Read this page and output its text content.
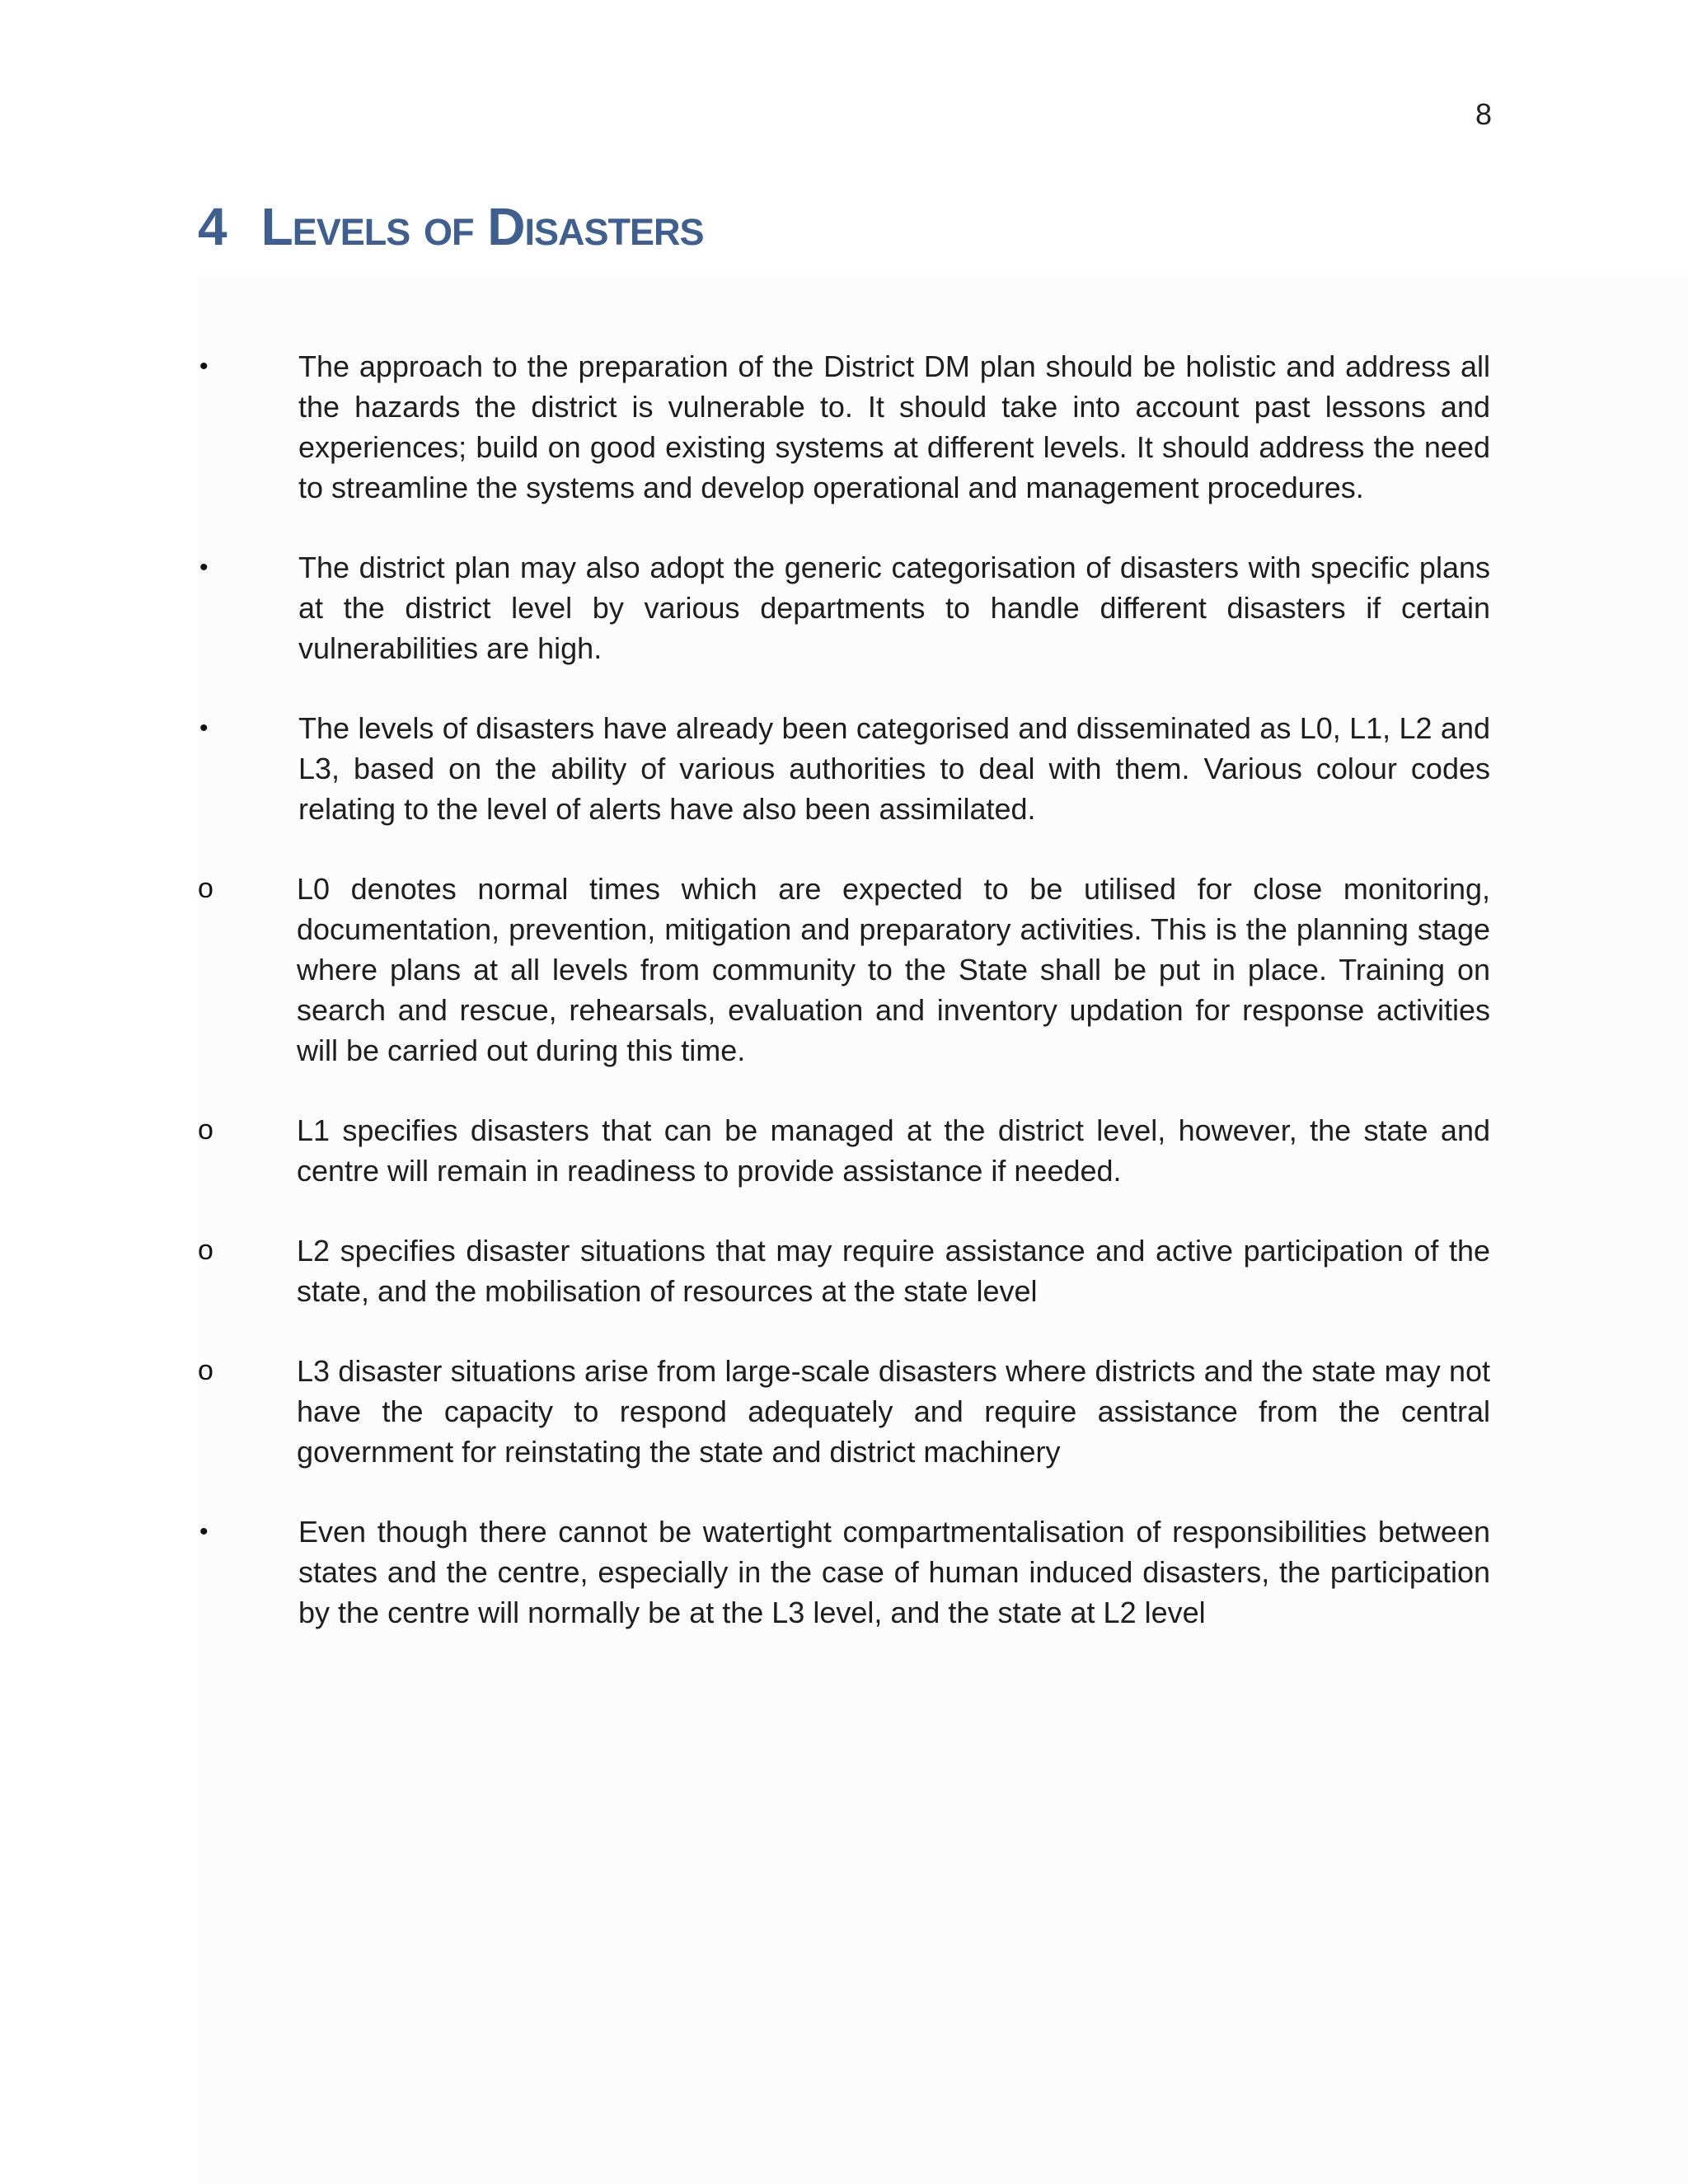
8
4 Levels of Disasters
•	The approach to the preparation of the District DM plan should be holistic and address all the hazards the district is vulnerable to. It should take into account past lessons and experiences; build on good existing systems at different levels. It should address the need to streamline the systems and develop operational and management procedures.
•	The district plan may also adopt the generic categorisation of disasters with specific plans at the district level by various departments to handle different disasters if certain vulnerabilities are high.
•	The levels of disasters have already been categorised and disseminated as L0, L1, L2 and L3, based on the ability of various authorities to deal with them. Various colour codes relating to the level of alerts have also been assimilated.
o	L0 denotes normal times which are expected to be utilised for close monitoring, documentation, prevention, mitigation and preparatory activities. This is the planning stage where plans at all levels from community to the State shall be put in place. Training on search and rescue, rehearsals, evaluation and inventory updation for response activities will be carried out during this time.
o	L1 specifies disasters that can be managed at the district level, however, the state and centre will remain in readiness to provide assistance if needed.
o	L2 specifies disaster situations that may require assistance and active participation of the state, and the mobilisation of resources at the state level
o	L3 disaster situations arise from large-scale disasters where districts and the state may not have the capacity to respond adequately and require assistance from the central government for reinstating the state and district machinery
•	Even though there cannot be watertight compartmentalisation of responsibilities between states and the centre, especially in the case of human induced disasters, the participation by the centre will normally be at the L3 level, and the state at L2 level
